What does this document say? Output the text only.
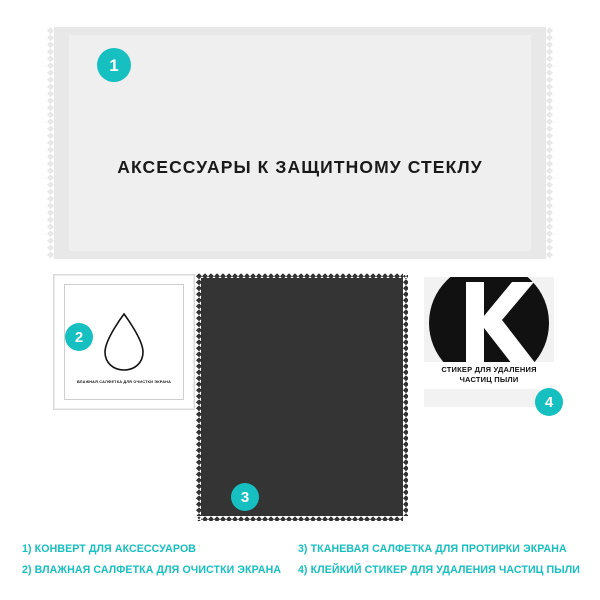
АКСЕССУАРЫ К ЗАЩИТНОМУ СТЕКЛУ
1
ВЛАЖНАЯ САЛФЕТКА ДЛЯ ОЧИСТКИ ЭКРАНА
2
3
СТИКЕР ДЛЯ УДАЛЕНИЯ
ЧАСТИЦ ПЫЛИ
4
1) КОНВЕРТ ДЛЯ АКСЕССУАРОВ
2) ВЛАЖНАЯ САЛФЕТКА ДЛЯ ОЧИСТКИ ЭКРАНА
3) ТКАНЕВАЯ САЛФЕТКА ДЛЯ ПРОТИРКИ ЭКРАНА
4) КЛЕЙКИЙ СТИКЕР ДЛЯ УДАЛЕНИЯ ЧАСТИЦ ПЫЛИ
